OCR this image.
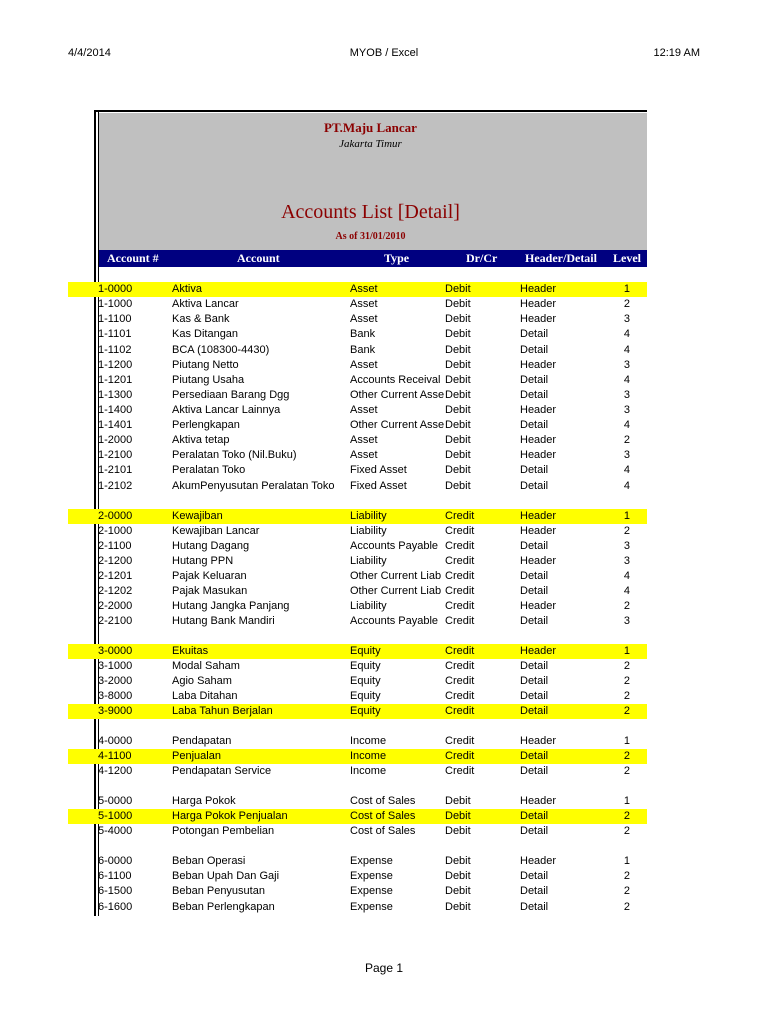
4/4/2014	MYOB / Excel	12:19 AM
PT.Maju Lancar
Jakarta Timur
Accounts List [Detail]
As of 31/01/2010
Account #	Account	Type	Dr/Cr Header/Detail Level
1-0000	Aktiva	Asset	Debit	Header	1
1-1000	Aktiva Lancar	Asset	Debit	Header	2
1-1100	Kas & Bank	Asset	Debit	Header	3
1-1101	Kas Ditangan	Bank	Debit	Detail	4
1-1102	BCA (108300-4430)	Bank	Debit	Detail	4
1-1200	Piutang Netto	Asset	Debit	Header	3
1-1201	Piutang Usaha	Accounts Receival Debit	Detail	4
1-1300	Persediaan Barang Dgg	Other Current Asse Debit	Detail	3
1-1400	Aktiva Lancar Lainnya	Asset	Debit	Header	3
1-1401	Perlengkapan	Other Current Asse Debit	Detail	4
1-2000	Aktiva tetap	Asset	Debit	Header	2
1-2100	Peralatan Toko (Nil.Buku)	Asset	Debit	Header	3
1-2101	Peralatan Toko	Fixed Asset	Debit	Detail	4
1-2102	AkumPenyusutan Peralatan Toko	Fixed Asset	Debit	Detail	4
2-0000	Kewajiban	Liability	Credit	Header	1
2-1000	Kewajiban Lancar	Liability	Credit	Header	2
2-1100	Hutang Dagang	Accounts Payable Credit	Detail	3
2-1200	Hutang PPN	Liability	Credit	Header	3
2-1201	Pajak Keluaran	Other Current Liab Credit	Detail	4
2-1202	Pajak Masukan	Other Current Liab Credit	Detail	4
2-2000	Hutang Jangka Panjang	Liability	Credit	Header	2
2-2100	Hutang Bank Mandiri	Accounts Payable Credit	Detail	3
3-0000	Ekuitas	Equity	Credit	Header	1
3-1000	Modal Saham	Equity	Credit	Detail	2
3-2000	Agio Saham	Equity	Credit	Detail	2
3-8000	Laba Ditahan	Equity	Credit	Detail	2
3-9000	Laba Tahun Berjalan	Equity	Credit	Detail	2
4-0000	Pendapatan	Income	Credit	Header	1
4-1100	Penjualan	Income	Credit	Detail	2
4-1200	Pendapatan Service	Income	Credit	Detail	2
5-0000	Harga Pokok	Cost of Sales	Debit	Header	1
5-1000	Harga Pokok Penjualan	Cost of Sales	Debit	Detail	2
5-4000	Potongan Pembelian	Cost of Sales	Debit	Detail	2
6-0000	Beban Operasi	Expense	Debit	Header	1
6-1100	Beban Upah Dan Gaji	Expense	Debit	Detail	2
6-1500	Beban Penyusutan	Expense	Debit	Detail	2
6-1600	Beban Perlengkapan	Expense	Debit	Detail	2
Page 1
